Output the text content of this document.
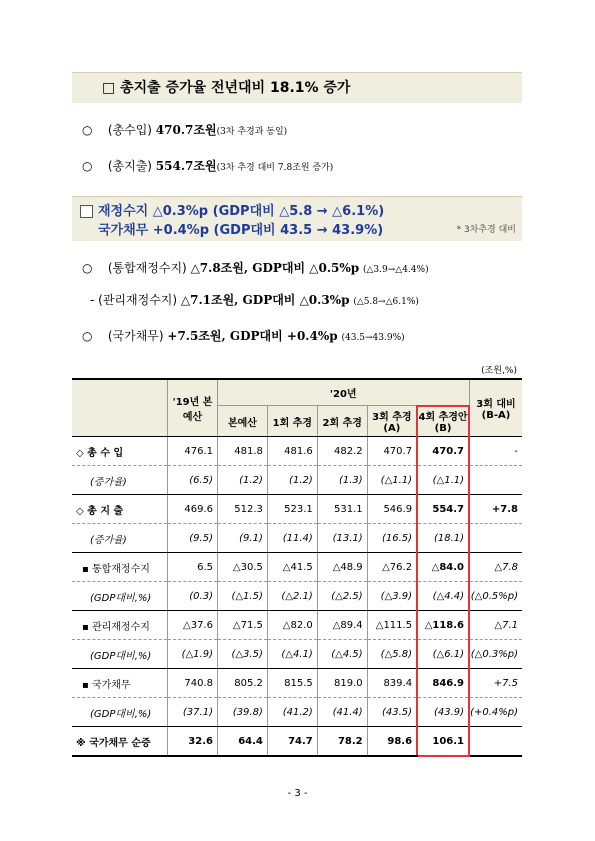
□ 총지출 증가율 전년대비 18.1% 증가
○ (총수입) 470.7조원(3차 추경과 동일)
○ (총지출) 554.7조원(3차 추경 대비 7.8조원 증가)
재정수지 △0.3%p (GDP대비 △5.8 → △6.1%)
국가채무 +0.4%p (GDP대비 43.5 → 43.9%)	* 3차추경 대비
○ (통합재정수지) △7.8조원, GDP대비 △0.5%p (△3.9→△4.4%)
- (관리재정수지) △7.1조원, GDP대비 △0.3%p (△5.8→△6.1%)
○ (국가채무) +7.5조원, GDP대비 +0.4%p (43.5→43.9%)
(조원,%)
	'19년 본예산	'20년					3회 대비 (B-A)
		본예산	1회 추경	2회 추경	3회 추경(A)	4회 추경안(B)	
◇ 총 수 입	476.1	481.8	481.6	482.2	470.7	470.7	-
(증가율)	(6.5)	(1.2)	(1.2)	(1.3)	(△1.1)	(△1.1)	
◇ 총 지 출	469.6	512.3	523.1	531.1	546.9	554.7	+7.8
(증가율)	(9.5)	(9.1)	(11.4)	(13.1)	(16.5)	(18.1)	
▪ 통합재정수지	6.5	△30.5	△41.5	△48.9	△76.2	△84.0	△7.8
(GDP대비,%)	(0.3)	(△1.5)	(△2.1)	(△2.5)	(△3.9)	(△4.4)	(△0.5%p)
▪ 관리재정수지	△37.6	△71.5	△82.0	△89.4	△111.5	△118.6	△7.1
(GDP대비,%)	(△1.9)	(△3.5)	(△4.1)	(△4.5)	(△5.8)	(△6.1)	(△0.3%p)
▪ 국가채무	740.8	805.2	815.5	819.0	839.4	846.9	+7.5
(GDP대비,%)	(37.1)	(39.8)	(41.2)	(41.4)	(43.5)	(43.9)	(+0.4%p)
※ 국가채무 순증	32.6	64.4	74.7	78.2	98.6	106.1	
- 3 -
